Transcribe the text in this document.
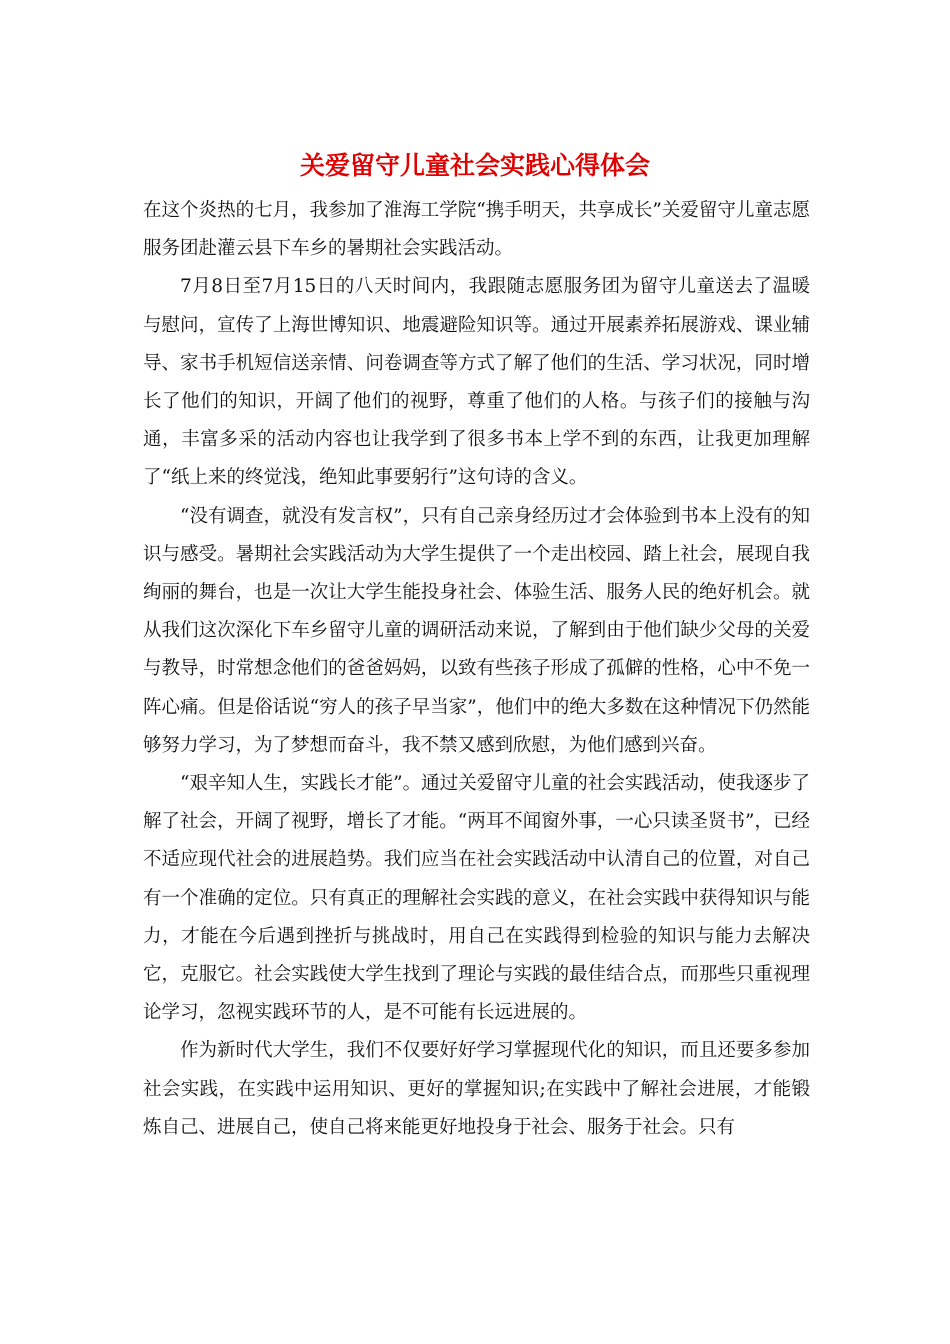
关爱留守儿童社会实践心得体会

在这个炎热的七月，我参加了淮海工学院“携手明天，共享成长”关爱留守儿童志愿服务团赴灌云县下车乡的暑期社会实践活动。

7月8日至7月15日的八天时间内，我跟随志愿服务团为留守儿童送去了温暖与慰问，宣传了上海世博知识、地震避险知识等。通过开展素养拓展游戏、课业辅导、家书手机短信送亲情、问卷调查等方式了解了他们的生活、学习状况，同时增长了他们的知识，开阔了他们的视野，尊重了他们的人格。与孩子们的接触与沟通，丰富多采的活动内容也让我学到了很多书本上学不到的东西，让我更加理解了“纸上来的终觉浅，绝知此事要躬行”这句诗的含义。

“没有调查，就没有发言权”，只有自己亲身经历过才会体验到书本上没有的知识与感受。暑期社会实践活动为大学生提供了一个走出校园、踏上社会，展现自我绚丽的舞台，也是一次让大学生能投身社会、体验生活、服务人民的绝好机会。就从我们这次深化下车乡留守儿童的调研活动来说，了解到由于他们缺少父母的关爱与教导，时常想念他们的爸爸妈妈，以致有些孩子形成了孤僻的性格，心中不免一阵心痛。但是俗话说“穷人的孩子早当家”，他们中的绝大多数在这种情况下仍然能够努力学习，为了梦想而奋斗，我不禁又感到欣慰，为他们感到兴奋。

“艰辛知人生，实践长才能”。通过关爱留守儿童的社会实践活动，使我逐步了解了社会，开阔了视野，增长了才能。“两耳不闻窗外事，一心只读圣贤书”，已经不适应现代社会的进展趋势。我们应当在社会实践活动中认清自己的位置，对自己有一个准确的定位。只有真正的理解社会实践的意义，在社会实践中获得知识与能力，才能在今后遇到挫折与挑战时，用自己在实践得到检验的知识与能力去解决它，克服它。社会实践使大学生找到了理论与实践的最佳结合点，而那些只重视理论学习，忽视实践环节的人，是不可能有长远进展的。

作为新时代大学生，我们不仅要好好学习掌握现代化的知识，而且还要多参加社会实践，在实践中运用知识、更好的掌握知识;在实践中了解社会进展，才能锻炼自己、进展自己，使自己将来能更好地投身于社会、服务于社会。只有
